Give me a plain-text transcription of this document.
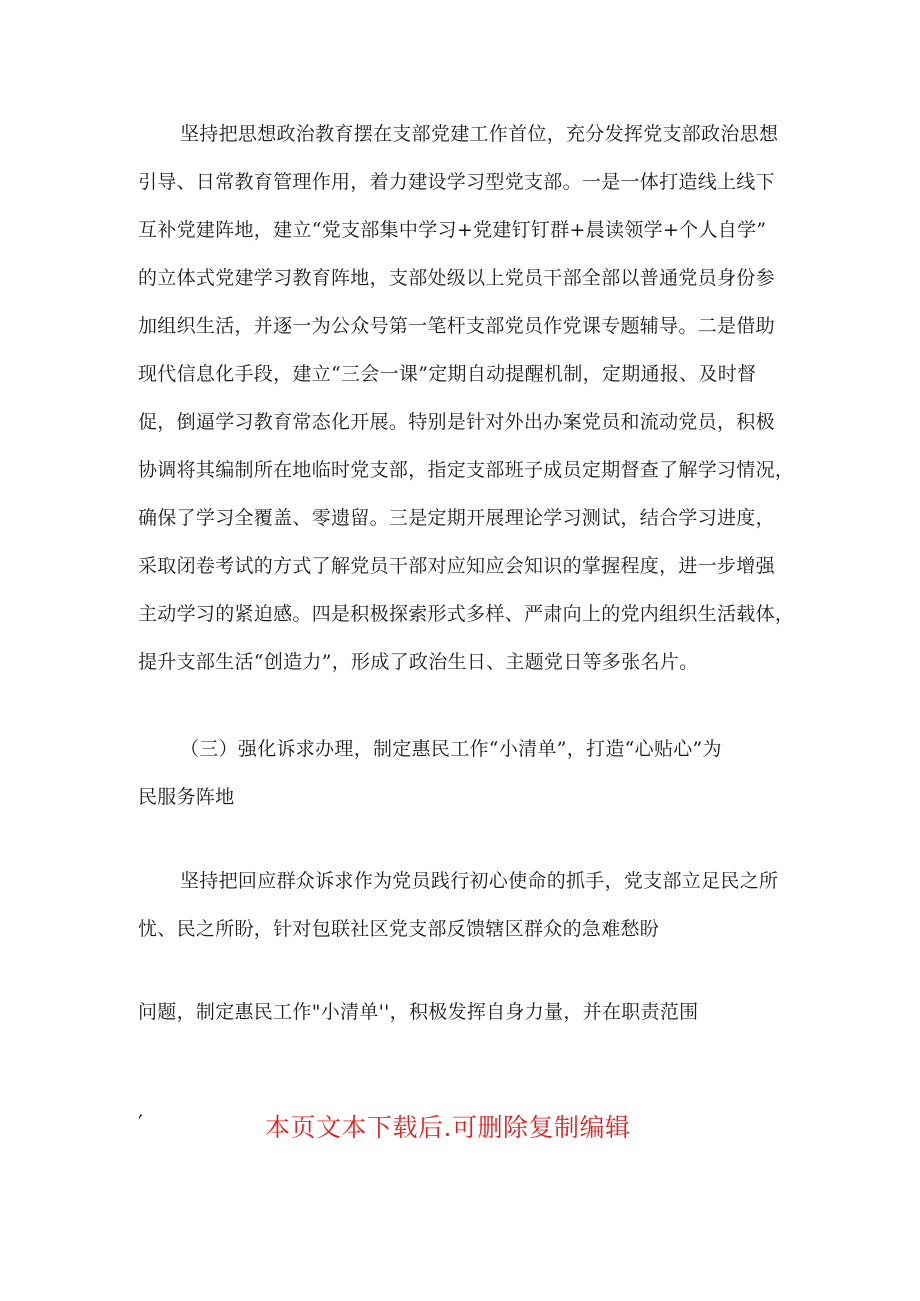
坚持把思想政治教育摆在支部党建工作首位，充分发挥党支部政治思想
引导、日常教育管理作用，着力建设学习型党支部。一是一体打造线上线下
互补党建阵地，建立“党支部集中学习+党建钉钉群+晨读领学+个人自学”
的立体式党建学习教育阵地，支部处级以上党员干部全部以普通党员身份参
加组织生活，并逐一为公众号第一笔杆支部党员作党课专题辅导。二是借助
现代信息化手段，建立“三会一课”定期自动提醒机制，定期通报、及时督
促，倒逼学习教育常态化开展。特别是针对外出办案党员和流动党员，积极
协调将其编制所在地临时党支部，指定支部班子成员定期督查了解学习情况，
确保了学习全覆盖、零遗留。三是定期开展理论学习测试，结合学习进度，
采取闭卷考试的方式了解党员干部对应知应会知识的掌握程度，进一步增强
主动学习的紧迫感。四是积极探索形式多样、严肃向上的党内组织生活载体，
提升支部生活“创造力”，形成了政治生日、主题党日等多张名片。
（三）强化诉求办理，制定惠民工作“小清单”，打造“心贴心”为
民服务阵地
坚持把回应群众诉求作为党员践行初心使命的抓手，党支部立足民之所
忧、民之所盼，针对包联社区党支部反馈辖区群众的急难愁盼
问题，制定惠民工作"小清单''，积极发挥自身力量，并在职责范围
′	本页文本下载后.可删除复制编辑
